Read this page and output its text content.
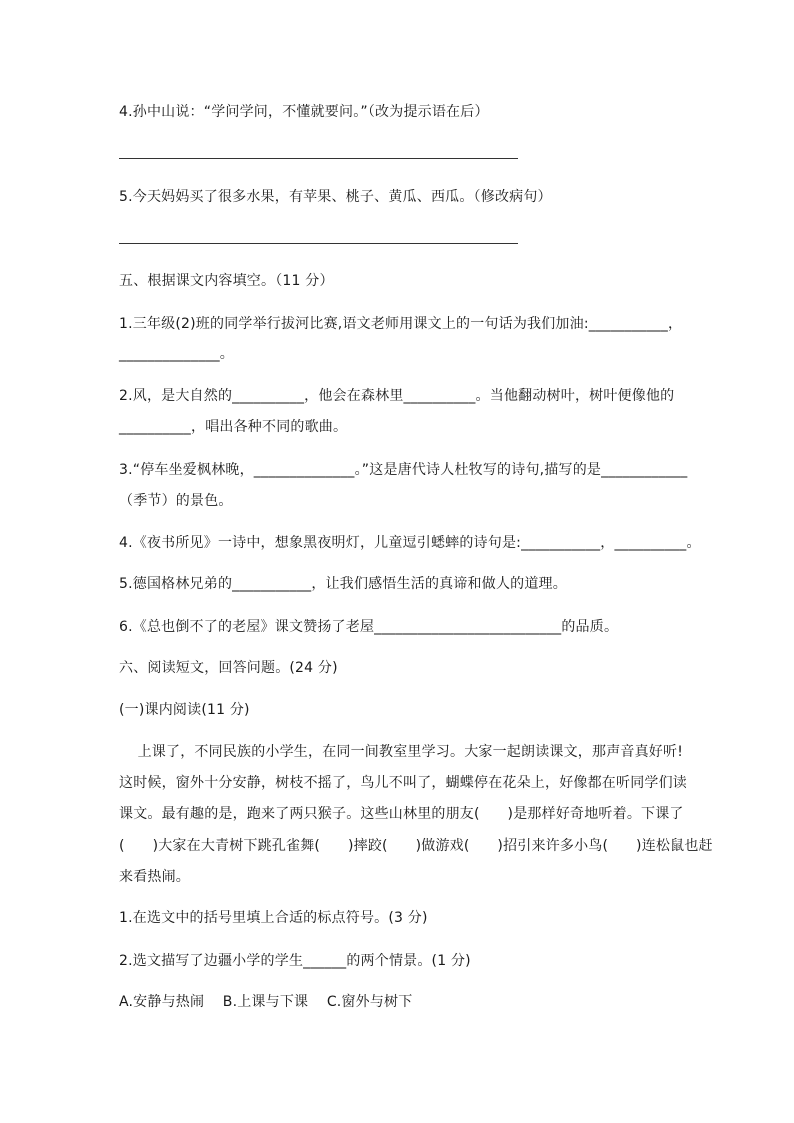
4.孙中山说：“学问学问，不懂就要问。”（改为提示语在后）
5.今天妈妈买了很多水果，有苹果、桃子、黄瓜、西瓜。（修改病句）
五、根据课文内容填空。（11 分）
1.三年级(2)班的同学举行拔河比赛,语文老师用课文上的一句话为我们加油:___________，
______________。
2.风，是大自然的__________，他会在森林里__________。当他翻动树叶，树叶便像他的
__________，唱出各种不同的歌曲。
3.“停车坐爱枫林晚，______________。”这是唐代诗人杜牧写的诗句,描写的是____________
（季节）的景色。
4.《夜书所见》一诗中，想象黑夜明灯，儿童逗引蟋蟀的诗句是:___________，__________。
5.德国格林兄弟的___________，让我们感悟生活的真谛和做人的道理。
6.《总也倒不了的老屋》课文赞扬了老屋__________________________的品质。
六、阅读短文，回答问题。(24 分)
(一)课内阅读(11 分)
上课了，不同民族的小学生，在同一间教室里学习。大家一起朗读课文，那声音真好听!
这时候，窗外十分安静，树枝不摇了，鸟儿不叫了，蝴蝶停在花朵上，好像都在听同学们读
课文。最有趣的是，跑来了两只猴子。这些山林里的朋友(      )是那样好奇地听着。下课了
(      )大家在大青树下跳孔雀舞(      )摔跤(      )做游戏(      )招引来许多小鸟(      )连松鼠也赶
来看热闹。
1.在选文中的括号里填上合适的标点符号。(3 分)
2.选文描写了边疆小学的学生______的两个情景。(1 分)
A.安静与热闹    B.上课与下课    C.窗外与树下
